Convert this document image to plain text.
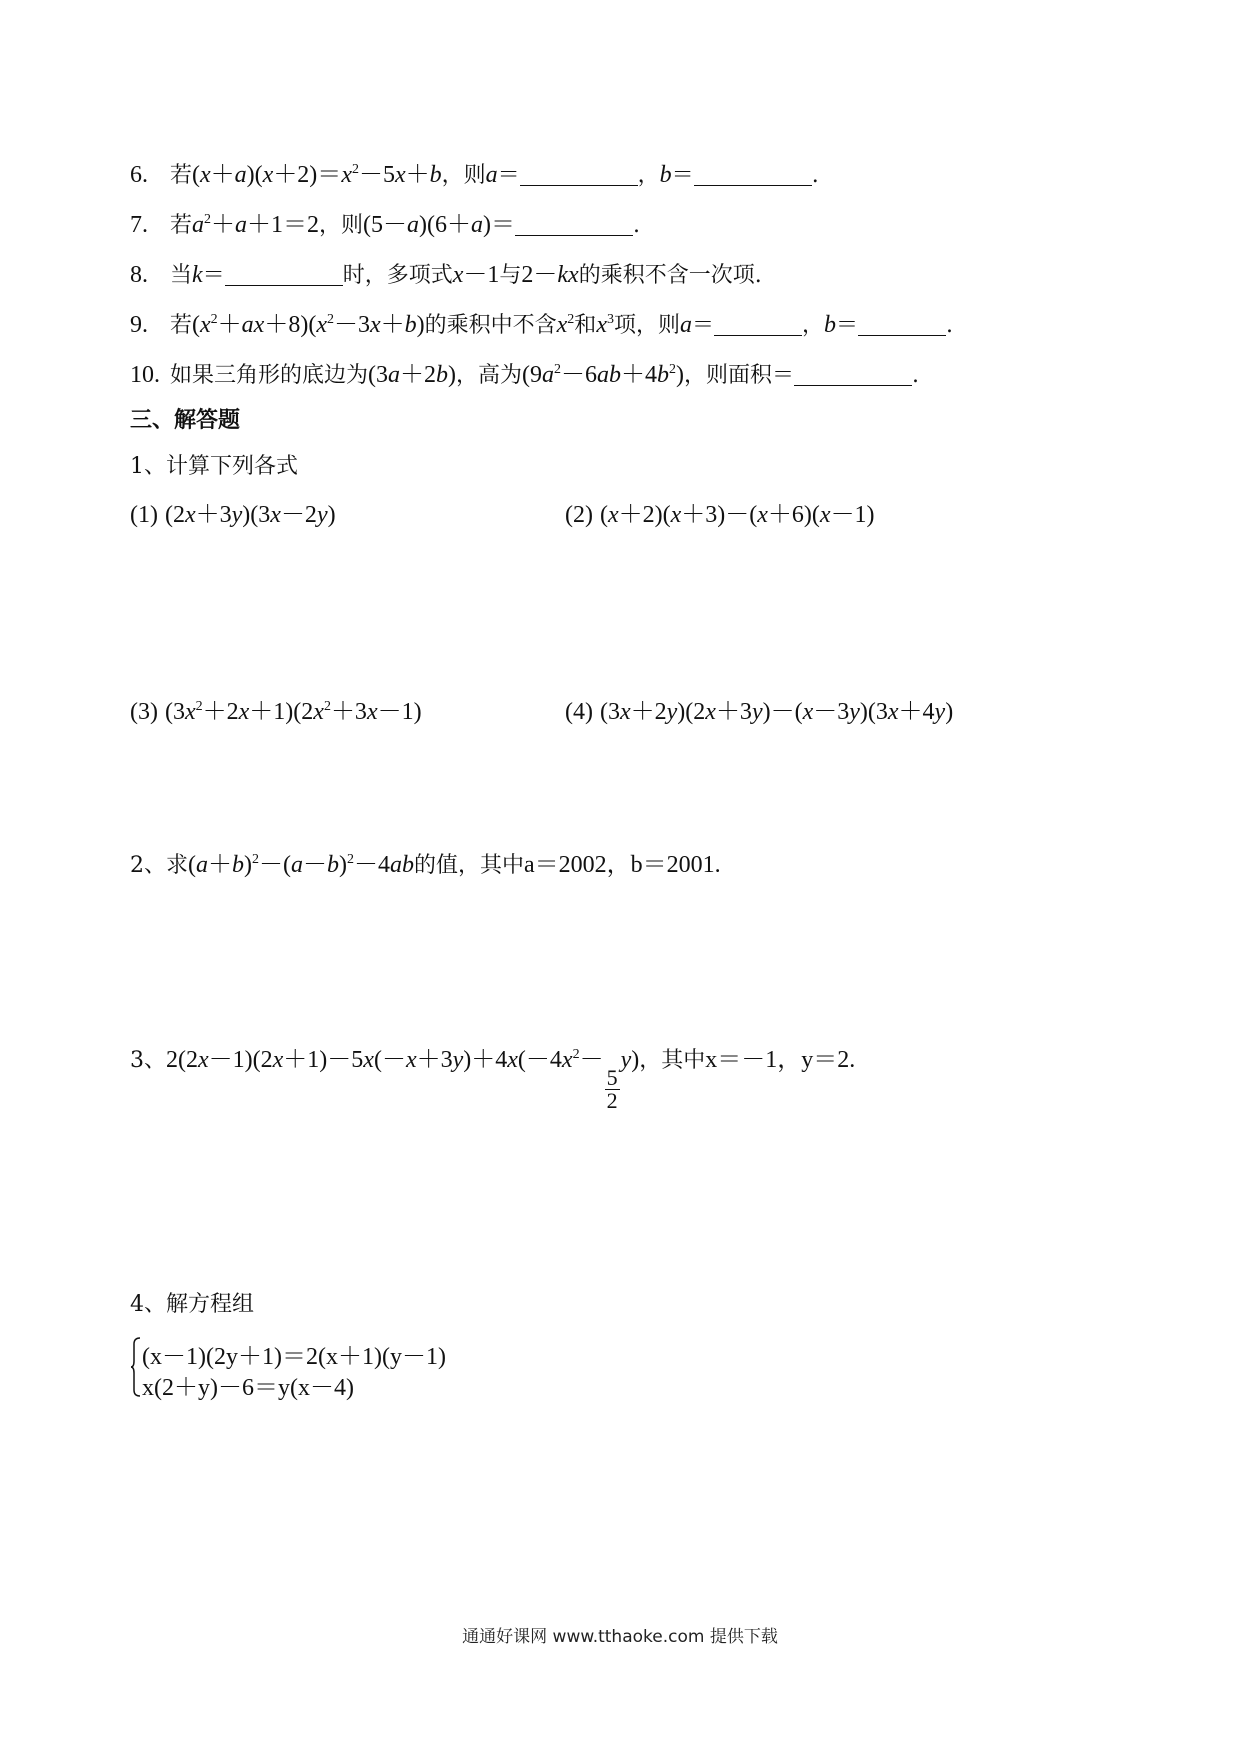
6. 若$(x+a)(x+2)=x^2-5x+b$，则a＝	，b＝	.
7. 若$a^2+a+1=2$，则(5－a)(6＋a)＝	.
8. 当k＝	时，多项式x－1与2－kx的乘积不含一次项.
9. 若$(x^2+ax+8)(x^2-3x+b)$的乘积中不含$x^2$和$x^3$项，则a＝	，b＝	.
10. 如果三角形的底边为(3a＋2b)，高为$(9a^2-6ab+4b^2)$，则面积＝	.
三、解答题
1、计算下列各式
(1) (2x＋3y)(3x－2y)	(2) (x＋2)(x＋3)－(x＋6)(x－1)
(3) $(3x^2+2x+1)(2x^2+3x-1)$	(4) (3x＋2y)(2x＋3y)－(x－3y)(3x＋4y)
2、求$(a+b)^2-(a-b)^2-4ab$的值，其中a＝2002，b＝2001.
3、$2(2x-1)(2x+1)-5x(-x+3y)+4x(-4x^2-$
$\frac{5}{2}$
y)，其中x＝－1，y＝2.
4、解方程组
(x－1)(2y＋1)＝2(x＋1)(y－1)
x(2＋y)－6＝y(x－4)
通通好课网 www.tthaoke.com 提供下载
